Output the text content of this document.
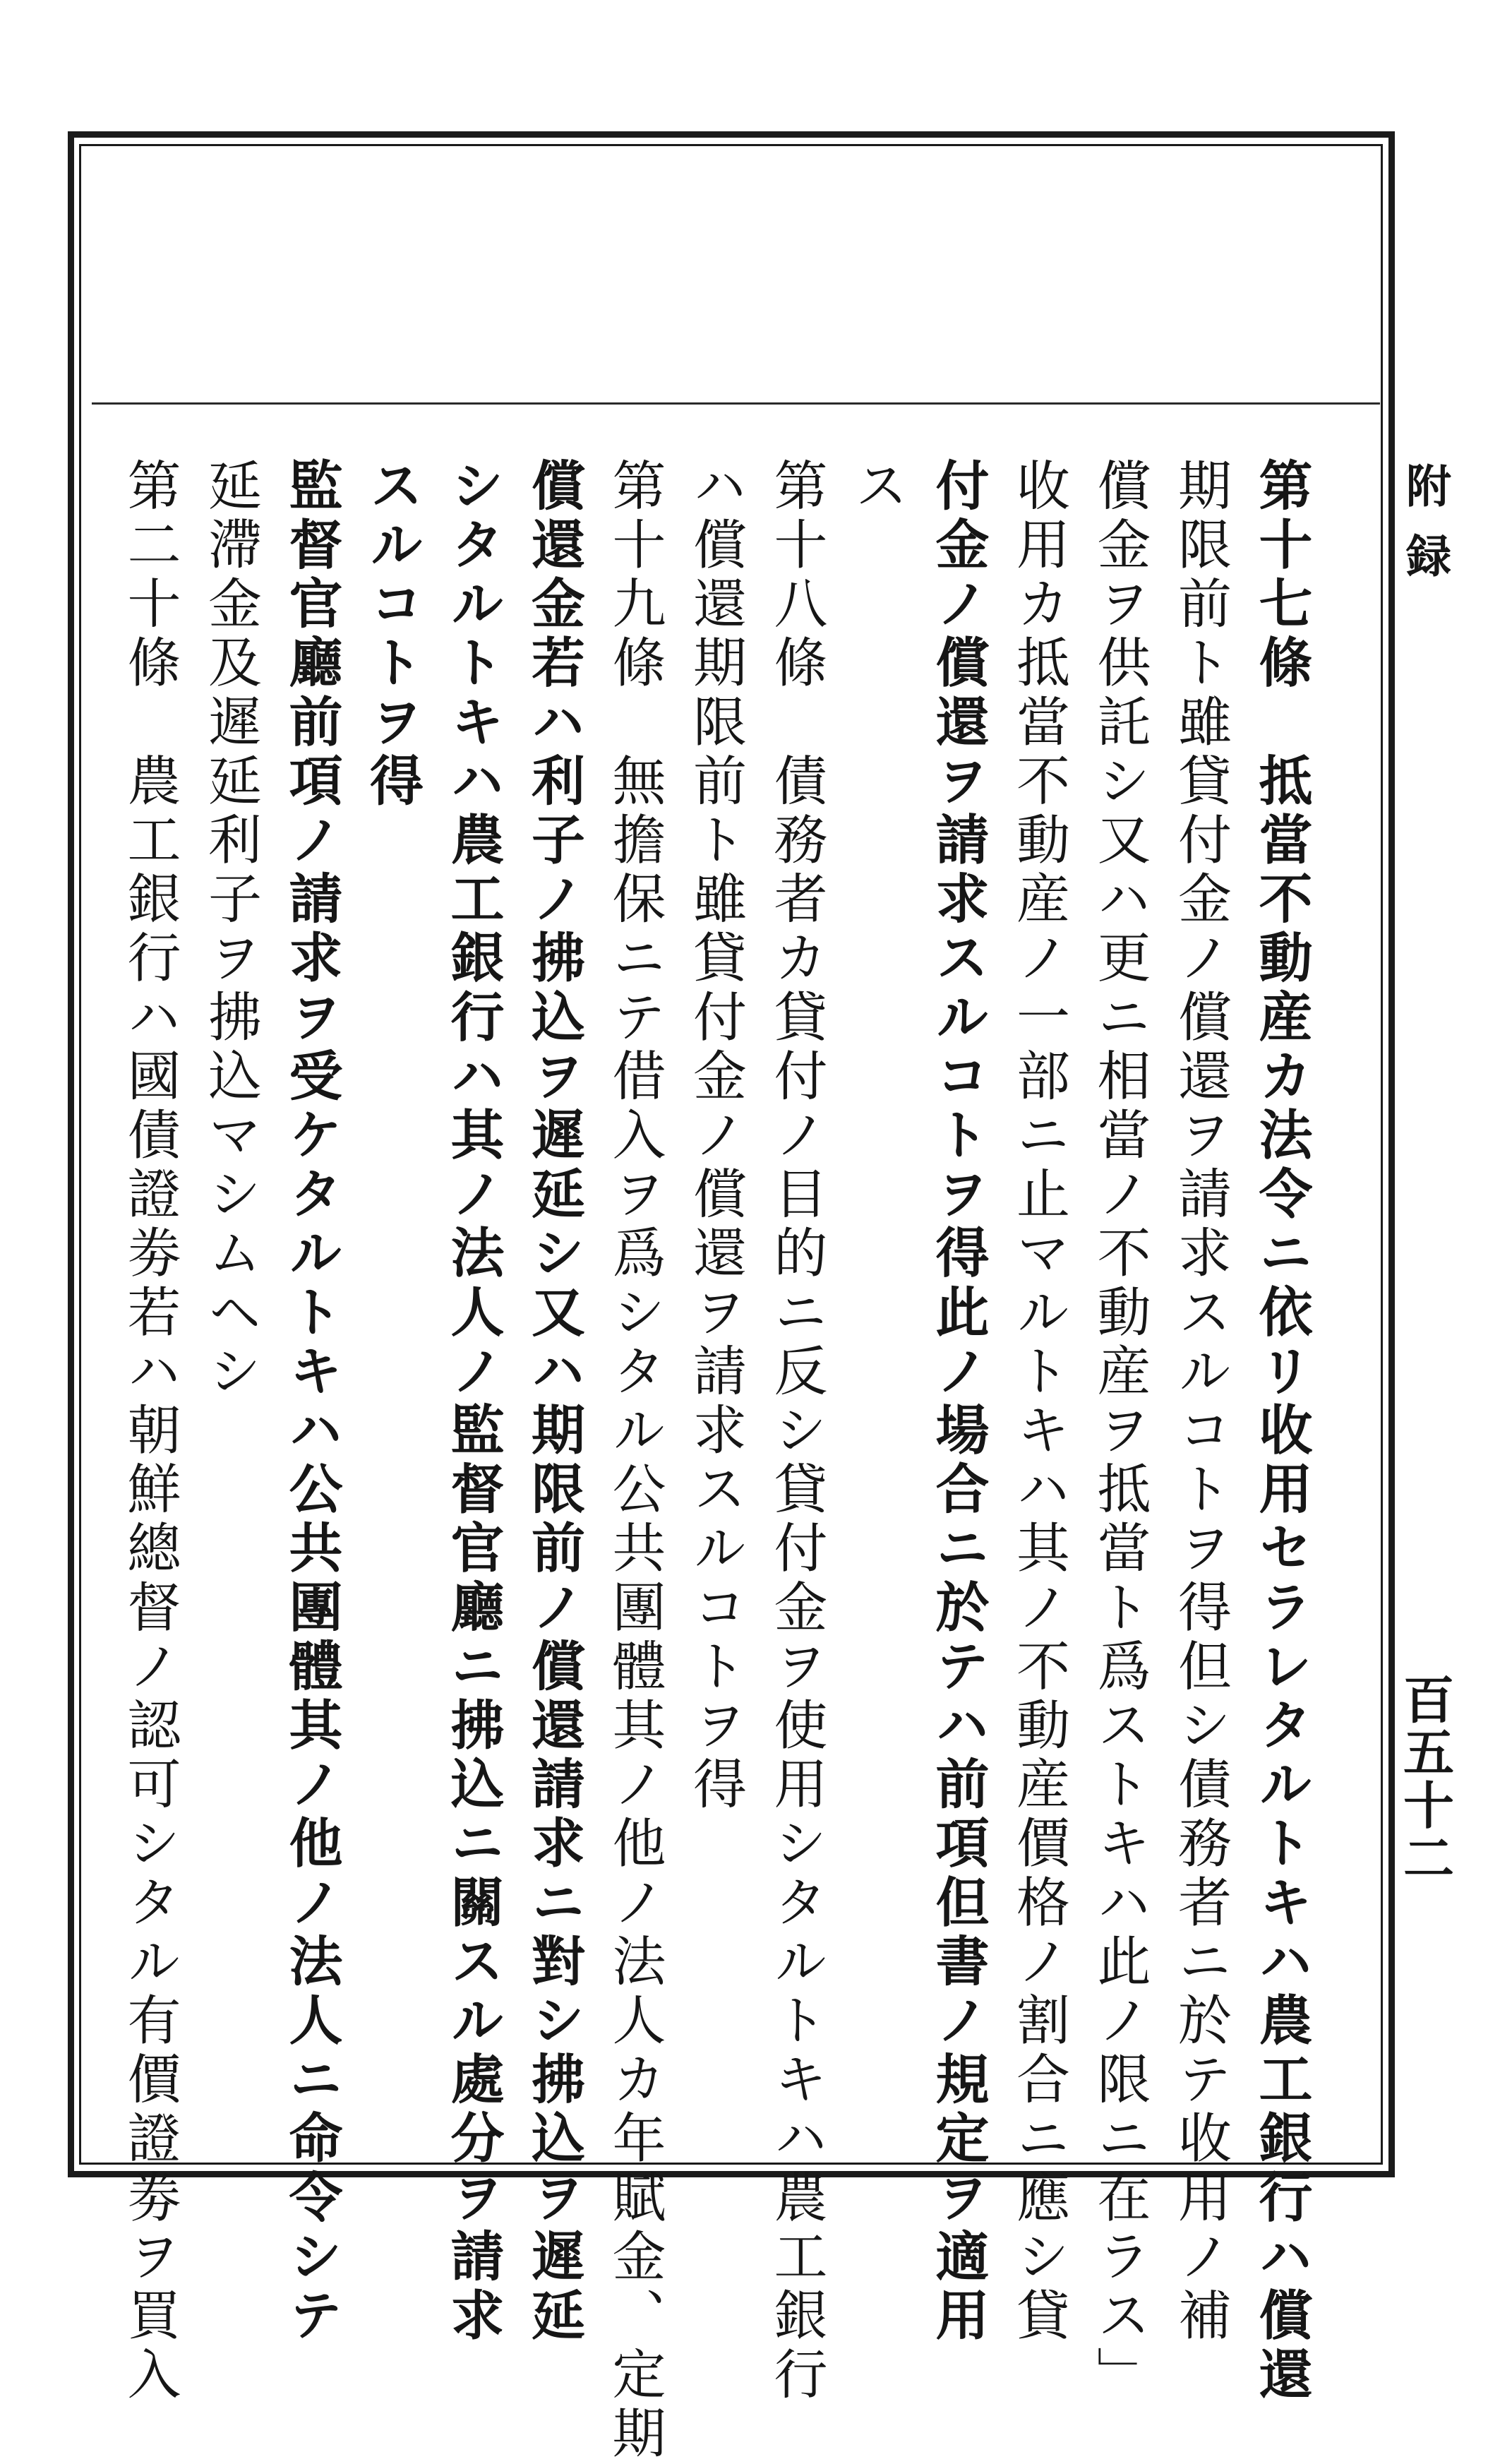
附録
百五十二
第十七條　抵當不動産カ法令ニ依リ收用セラレタルトキハ農工銀行ハ償還
期限前ト雖貸付金ノ償還ヲ請求スルコトヲ得但シ債務者ニ於テ收用ノ補
償金ヲ供託シ又ハ更ニ相當ノ不動産ヲ抵當ト爲ストキハ此ノ限ニ在ラス」
收用カ抵當不動産ノ一部ニ止マルトキハ其ノ不動産價格ノ割合ニ應シ貸
付金ノ償還ヲ請求スルコトヲ得此ノ場合ニ於テハ前項但書ノ規定ヲ適用
ス
第十八條　債務者カ貸付ノ目的ニ反シ貸付金ヲ使用シタルトキハ農工銀行
ハ償還期限前ト雖貸付金ノ償還ヲ請求スルコトヲ得
第十九條　無擔保ニテ借入ヲ爲シタル公共團體其ノ他ノ法人カ年賦金、定期
償還金若ハ利子ノ拂込ヲ遲延シ又ハ期限前ノ償還請求ニ對シ拂込ヲ遲延
シタルトキハ農工銀行ハ其ノ法人ノ監督官廳ニ拂込ニ關スル處分ヲ請求
スルコトヲ得
監督官廳前項ノ請求ヲ受ケタルトキハ公共團體其ノ他ノ法人ニ命令シテ
延滯金及遲延利子ヲ拂込マシムヘシ
第二十條　農工銀行ハ國債證劵若ハ朝鮮總督ノ認可シタル有價證劵ヲ買入
